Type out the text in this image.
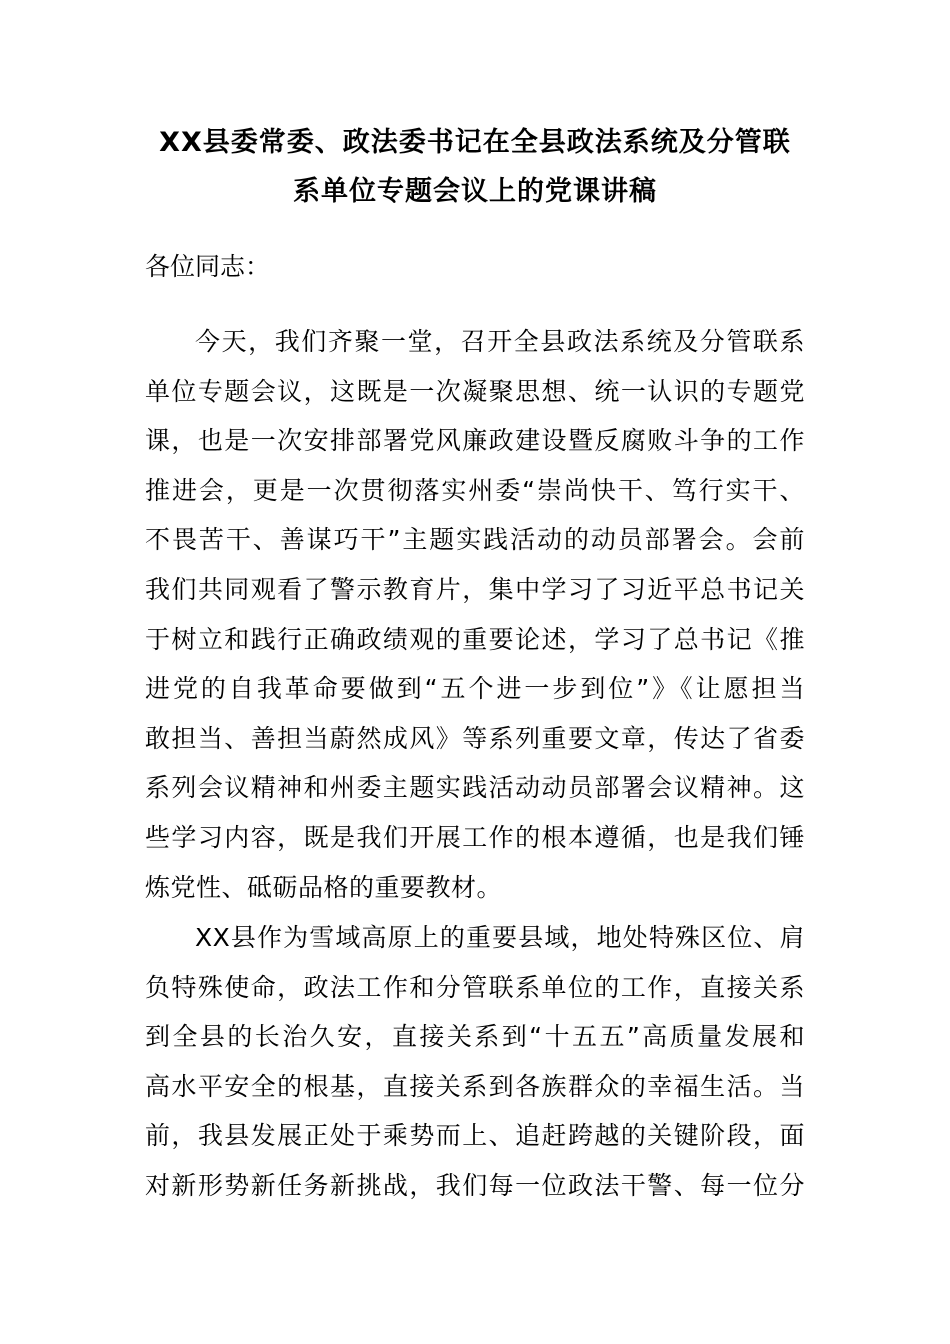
XX县委常委、政法委书记在全县政法系统及分管联
系单位专题会议上的党课讲稿
各位同志：
今天，我们齐聚一堂，召开全县政法系统及分管联系
单位专题会议，这既是一次凝聚思想、统一认识的专题党
课，也是一次安排部署党风廉政建设暨反腐败斗争的工作
推进会，更是一次贯彻落实州委“崇尚快干、笃行实干、
不畏苦干、善谋巧干”主题实践活动的动员部署会。会前
我们共同观看了警示教育片，集中学习了习近平总书记关
于树立和践行正确政绩观的重要论述，学习了总书记《推
进党的自我革命要做到“五个进一步到位”》《让愿担当
敢担当、善担当蔚然成风》等系列重要文章，传达了省委
系列会议精神和州委主题实践活动动员部署会议精神。这
些学习内容，既是我们开展工作的根本遵循，也是我们锤
炼党性、砥砺品格的重要教材。
XX县作为雪域高原上的重要县域，地处特殊区位、肩
负特殊使命，政法工作和分管联系单位的工作，直接关系
到全县的长治久安，直接关系到“十五五”高质量发展和
高水平安全的根基，直接关系到各族群众的幸福生活。当
前，我县发展正处于乘势而上、追赶跨越的关键阶段，面
对新形势新任务新挑战，我们每一位政法干警、每一位分
